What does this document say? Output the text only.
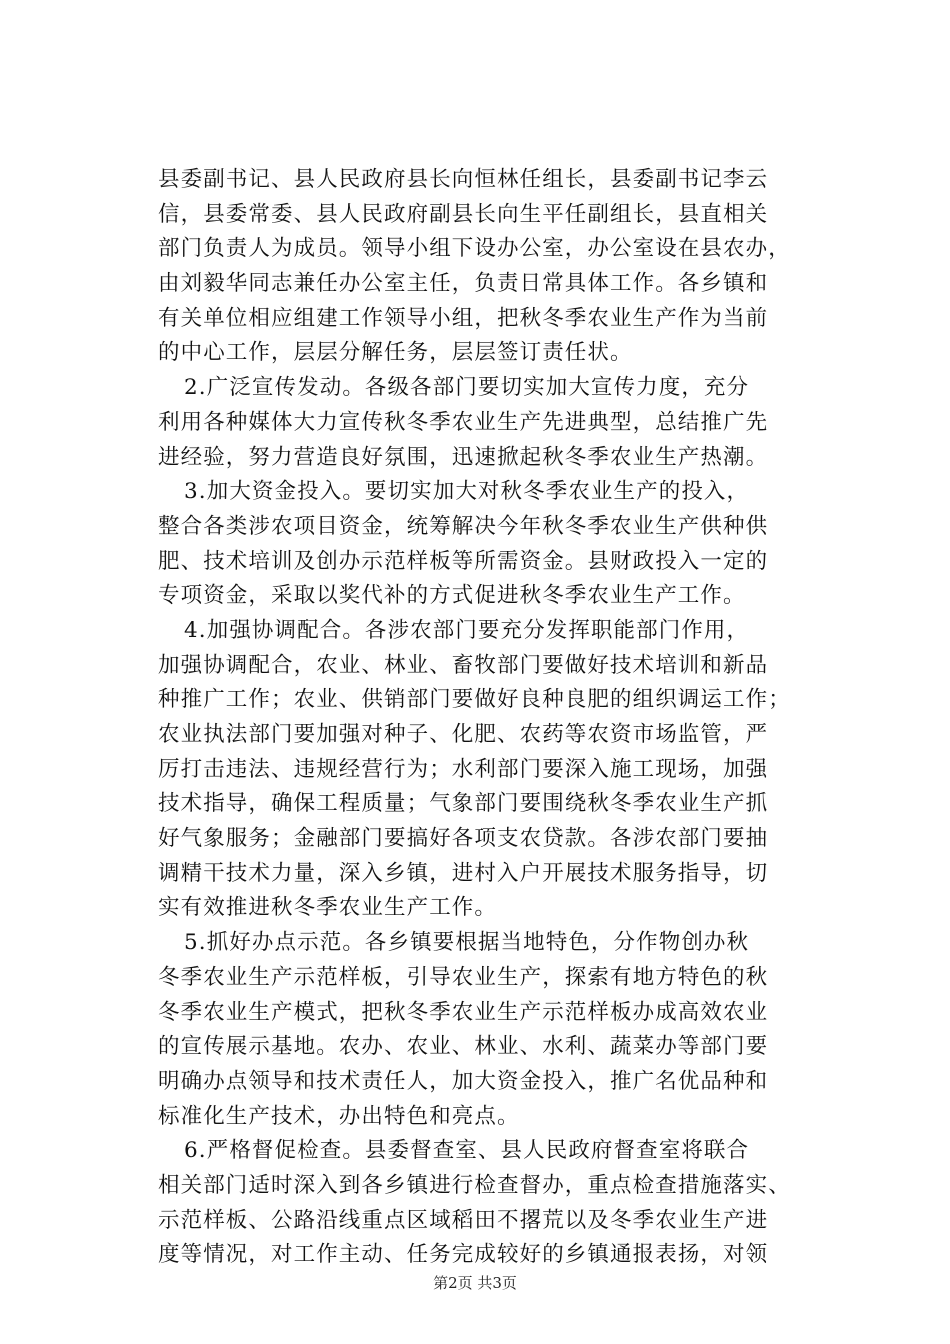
县委副书记、县人民政府县长向恒林任组长，县委副书记李云
信，县委常委、县人民政府副县长向生平任副组长，县直相关
部门负责人为成员。领导小组下设办公室，办公室设在县农办，
由刘毅华同志兼任办公室主任，负责日常具体工作。各乡镇和
有关单位相应组建工作领导小组，把秋冬季农业生产作为当前
的中心工作，层层分解任务，层层签订责任状。
2.广泛宣传发动。各级各部门要切实加大宣传力度，充分
利用各种媒体大力宣传秋冬季农业生产先进典型，总结推广先
进经验，努力营造良好氛围，迅速掀起秋冬季农业生产热潮。
3.加大资金投入。要切实加大对秋冬季农业生产的投入，
整合各类涉农项目资金，统筹解决今年秋冬季农业生产供种供
肥、技术培训及创办示范样板等所需资金。县财政投入一定的
专项资金，采取以奖代补的方式促进秋冬季农业生产工作。
4.加强协调配合。各涉农部门要充分发挥职能部门作用，
加强协调配合，农业、林业、畜牧部门要做好技术培训和新品
种推广工作；农业、供销部门要做好良种良肥的组织调运工作；
农业执法部门要加强对种子、化肥、农药等农资市场监管，严
厉打击违法、违规经营行为；水利部门要深入施工现场，加强
技术指导，确保工程质量；气象部门要围绕秋冬季农业生产抓
好气象服务；金融部门要搞好各项支农贷款。各涉农部门要抽
调精干技术力量，深入乡镇，进村入户开展技术服务指导，切
实有效推进秋冬季农业生产工作。
5.抓好办点示范。各乡镇要根据当地特色，分作物创办秋
冬季农业生产示范样板，引导农业生产，探索有地方特色的秋
冬季农业生产模式，把秋冬季农业生产示范样板办成高效农业
的宣传展示基地。农办、农业、林业、水利、蔬菜办等部门要
明确办点领导和技术责任人，加大资金投入，推广名优品种和
标准化生产技术，办出特色和亮点。
6.严格督促检查。县委督查室、县人民政府督查室将联合
相关部门适时深入到各乡镇进行检查督办，重点检查措施落实、
示范样板、公路沿线重点区域稻田不撂荒以及冬季农业生产进
度等情况，对工作主动、任务完成较好的乡镇通报表扬，对领
第2页 共3页
